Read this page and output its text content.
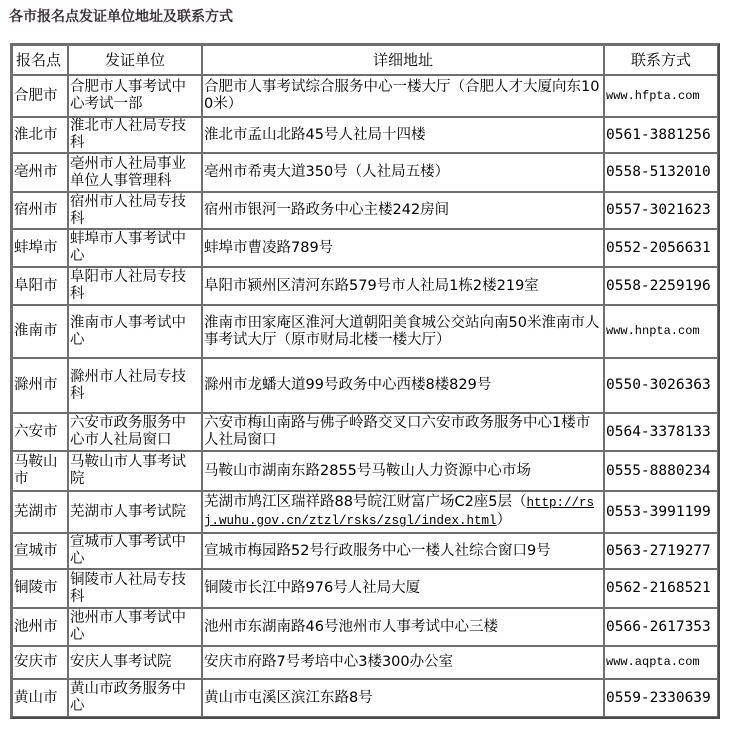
各市报名点发证单位地址及联系方式
报名点	发证单位	详细地址	联系方式
合肥市	合肥市人事考试中心考试一部	合肥市人事考试综合服务中心一楼大厅（合肥人才大厦向东100米）	www.hfpta.com
淮北市	淮北市人社局专技科	淮北市孟山北路45号人社局十四楼	0561-3881256
亳州市	亳州市人社局事业单位人事管理科	亳州市希夷大道350号（人社局五楼）	0558-5132010
宿州市	宿州市人社局专技科	宿州市银河一路政务中心主楼242房间	0557-3021623
蚌埠市	蚌埠市人事考试中心	蚌埠市曹凌路789号	0552-2056631
阜阳市	阜阳市人社局专技科	阜阳市颍州区清河东路579号市人社局1栋2楼219室	0558-2259196
淮南市	淮南市人事考试中心	淮南市田家庵区淮河大道朝阳美食城公交站向南50米淮南市人事考试大厅（原市财局北楼一楼大厅）	www.hnpta.com
滁州市	滁州市人社局专技科	滁州市龙蟠大道99号政务中心西楼8楼829号	0550-3026363
六安市	六安市政务服务中心市人社局窗口	六安市梅山南路与佛子岭路交叉口六安市政务服务中心1楼市人社局窗口	0564-3378133
马鞍山市	马鞍山市人事考试院	马鞍山市湖南东路2855号马鞍山人力资源中心市场	0555-8880234
芜湖市	芜湖市人事考试院	芜湖市鸠江区瑞祥路88号皖江财富广场C2座5层（http://rsj.wuhu.gov.cn/ztzl/rsks/zsgl/index.html）	0553-3991199
宣城市	宣城市人事考试中心	宣城市梅园路52号行政服务中心一楼人社综合窗口9号	0563-2719277
铜陵市	铜陵市人社局专技科	铜陵市长江中路976号人社局大厦	0562-2168521
池州市	池州市人事考试中心	池州市东湖南路46号池州市人事考试中心三楼	0566-2617353
安庆市	安庆人事考试院	安庆市府路7号考培中心3楼300办公室	www.aqpta.com
黄山市	黄山市政务服务中心	黄山市屯溪区滨江东路8号	0559-2330639
